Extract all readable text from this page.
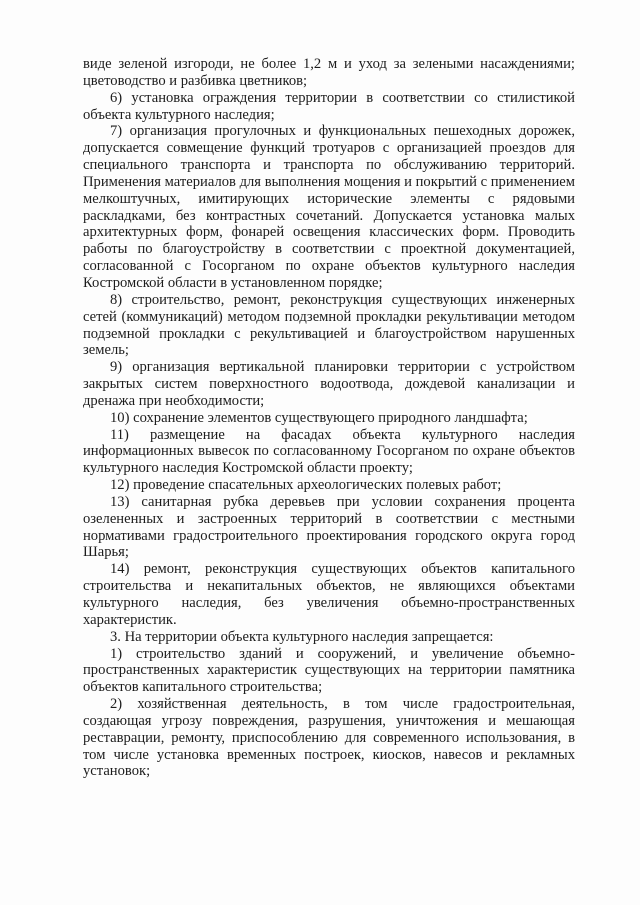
виде зеленой изгороди, не более 1,2 м и уход за зелеными насаждениями; цветоводство и разбивка цветников;

6) установка ограждения территории в соответствии со стилистикой объекта культурного наследия;

7) организация прогулочных и функциональных пешеходных дорожек, допускается совмещение функций тротуаров с организацией проездов для специального транспорта и транспорта по обслуживанию территорий. Применения материалов для выполнения мощения и покрытий с применением мелкоштучных, имитирующих исторические элементы с рядовыми раскладками, без контрастных сочетаний. Допускается установка малых архитектурных форм, фонарей освещения классических форм. Проводить работы по благоустройству в соответствии с проектной документацией, согласованной с Госорганом по охране объектов культурного наследия Костромской области в установленном порядке;

8) строительство, ремонт, реконструкция существующих инженерных сетей (коммуникаций) методом подземной прокладки рекультивации методом подземной прокладки с рекультивацией и благоустройством нарушенных земель;

9) организация вертикальной планировки территории с устройством закрытых систем поверхностного водоотвода, дождевой канализации и дренажа при необходимости;

10) сохранение элементов существующего природного ландшафта;

11) размещение на фасадах объекта культурного наследия информационных вывесок по согласованному Госорганом по охране объектов культурного наследия Костромской области проекту;

12) проведение спасательных археологических полевых работ;

13) санитарная рубка деревьев при условии сохранения процента озелененных и застроенных территорий в соответствии с местными нормативами градостроительного проектирования городского округа город Шарья;

14) ремонт, реконструкция существующих объектов капитального строительства и некапитальных объектов, не являющихся объектами культурного наследия, без увеличения объемно-пространственных характеристик.

3. На территории объекта культурного наследия запрещается:

1) строительство зданий и сооружений, и увеличение объемно-пространственных характеристик существующих на территории памятника объектов капитального строительства;

2) хозяйственная деятельность, в том числе градостроительная, создающая угрозу повреждения, разрушения, уничтожения и мешающая реставрации, ремонту, приспособлению для современного использования, в том числе установка временных построек, киосков, навесов и рекламных установок;
